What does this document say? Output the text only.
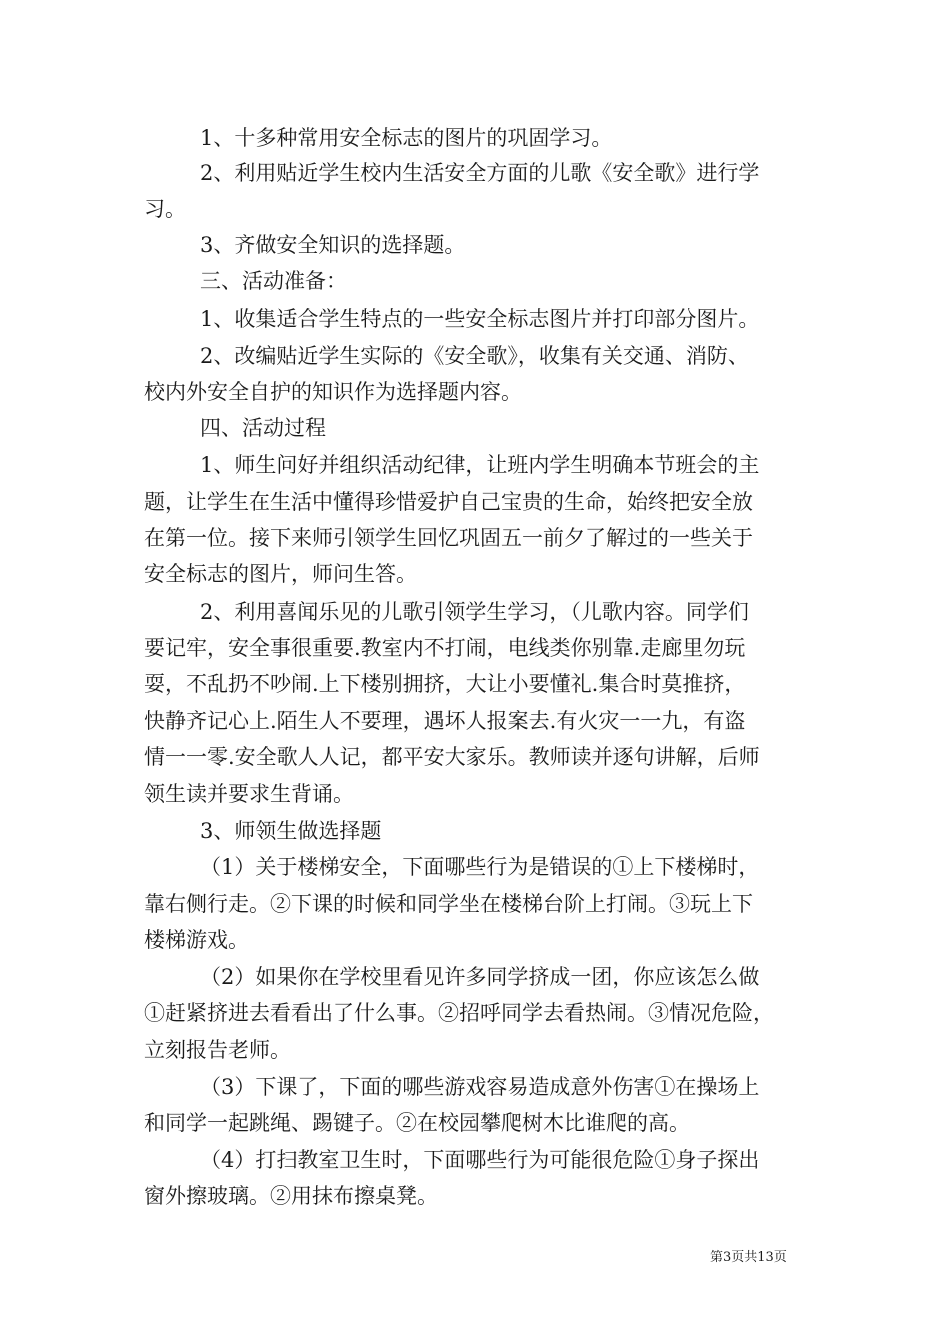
1、十多种常用安全标志的图片的巩固学习。
2、利用贴近学生校内生活安全方面的儿歌《安全歌》进行学
习。
3、齐做安全知识的选择题。
三、活动准备：
1、收集适合学生特点的一些安全标志图片并打印部分图片。
2、改编贴近学生实际的《安全歌》，收集有关交通、消防、
校内外安全自护的知识作为选择题内容。
四、活动过程
1、师生问好并组织活动纪律，让班内学生明确本节班会的主
题，让学生在生活中懂得珍惜爱护自己宝贵的生命，始终把安全放
在第一位。接下来师引领学生回忆巩固五一前夕了解过的一些关于
安全标志的图片，师问生答。
2、利用喜闻乐见的儿歌引领学生学习，（儿歌内容。同学们
要记牢，安全事很重要.教室内不打闹，电线类你别靠.走廊里勿玩
耍，不乱扔不吵闹.上下楼别拥挤，大让小要懂礼.集合时莫推挤，
快静齐记心上.陌生人不要理，遇坏人报案去.有火灾一一九，有盗
情一一零.安全歌人人记，都平安大家乐。教师读并逐句讲解，后师
领生读并要求生背诵。
3、师领生做选择题
（1）关于楼梯安全，下面哪些行为是错误的①上下楼梯时，
靠右侧行走。②下课的时候和同学坐在楼梯台阶上打闹。③玩上下
楼梯游戏。
（2）如果你在学校里看见许多同学挤成一团，你应该怎么做
①赶紧挤进去看看出了什么事。②招呼同学去看热闹。③情况危险，
立刻报告老师。
（3）下课了，下面的哪些游戏容易造成意外伤害①在操场上
和同学一起跳绳、踢键子。②在校园攀爬树木比谁爬的高。
（4）打扫教室卫生时，下面哪些行为可能很危险①身子探出
窗外擦玻璃。②用抹布擦桌凳。
第3页共13页
